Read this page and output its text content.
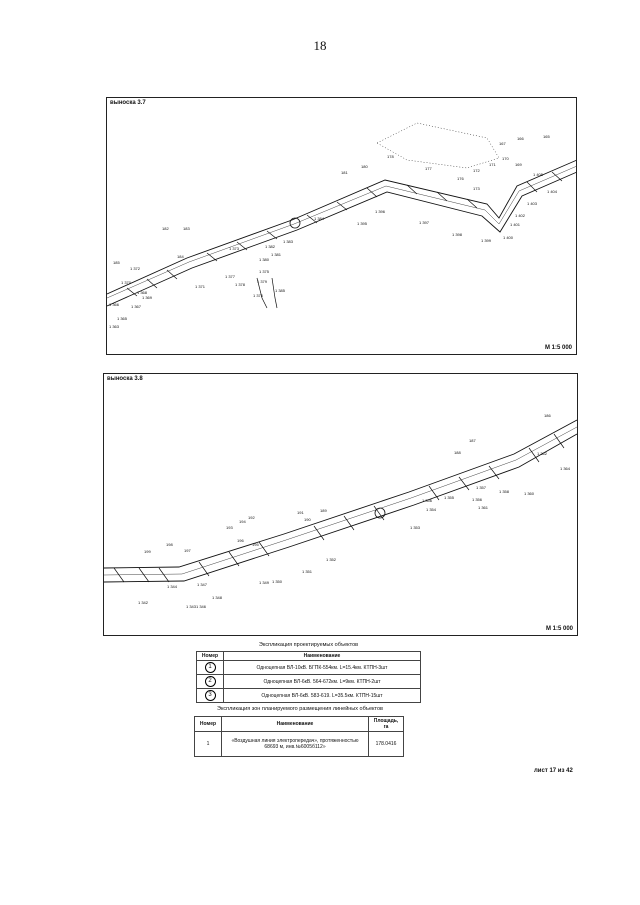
18
182	183
184
185
1 372
1 370
1 368
1 369
1 367
1 365
1 366
1 363
1 371
1 373
1 377
1 378
1 379
1 375
1 376
1 380
1 382
1 381
1 383
1 384
1 385
181
180
178
177
176
173
172
171
170
169
167
166	165
1 405
1 404
1 403
1 402
1 401
1 400
1 399
1 398
1 397
1 396
1 395
выноска 3.7
М 1:5 000
199
198
197
196
195
193
194
192
191
190
189
188
187
186
1 342
1 343
1 344
1 346
1 347
1 348
1 349 1 350
1 351
1 352
1 353
1 354
1 355
1 356	1 356
1 357
1 358
1 361
1 360
1 362
1 364
выноска 3.8
М 1:5 000
Экспликация проектируемых объектов
Номер	Наименование
1	Одноцепная ВЛ-10кВ. БГПК-554км. L=15.4км. КТПН-3шт
2	Одноцепная ВЛ-6кВ. 564-672км. L=9км. КТПН-2шт
3	Одноцепная ВЛ-6кВ. 583-619. L=35.5км. КТПН-15шт
Экспликация зон планируемого размещения линейных объектов
Номер	Наименование	Площадь, га
1	«Воздушная линия электропередач», протяженностью 68693 м, инв.№6005б112»	178.0416
лист 17 из 42
